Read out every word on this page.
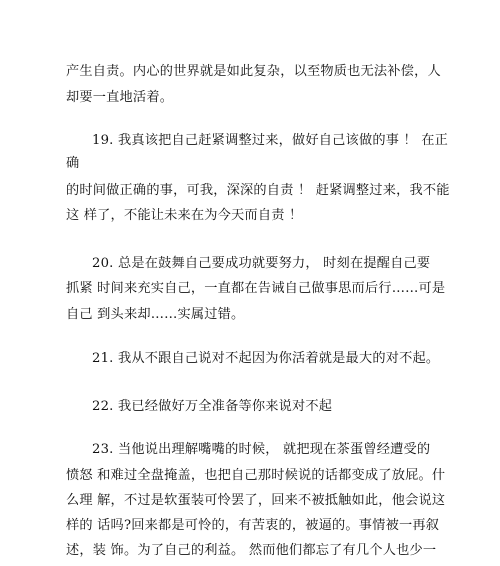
产生自责。内心的世界就是如此复杂，以至物质也无法补偿，人
却要一直地活着。
19. 我真该把自己赶紧调整过来，做好自己该做的事 ！ 在正
确
的时间做正确的事，可我，深深的自责 ！ 赶紧调整过来，我不能
这 样了，不能让未来在为今天而自责 ！
20. 总是在鼓舞自己要成功就要努力， 时刻在提醒自己要
抓紧 时间来充实自己，一直都在告诫自己做事思而后行……可是
自己 到头来却……实属过错。
21. 我从不跟自己说对不起因为你活着就是最大的对不起。
22. 我已经做好万全准备等你来说对不起
23. 当他说出理解嘴嘴的时候， 就把现在茶蛋曾经遭受的
愤怒 和难过全盘掩盖，也把自己那时候说的话都变成了放屁。什
么理 解，不过是软蛋装可怜罢了，回来不被抵触如此，他会说这
样的 话吗?回来都是可怜的，有苦衷的，被逼的。事情被一再叙
述，装 饰。为了自己的利益。 然而他们都忘了有几个人也少一
